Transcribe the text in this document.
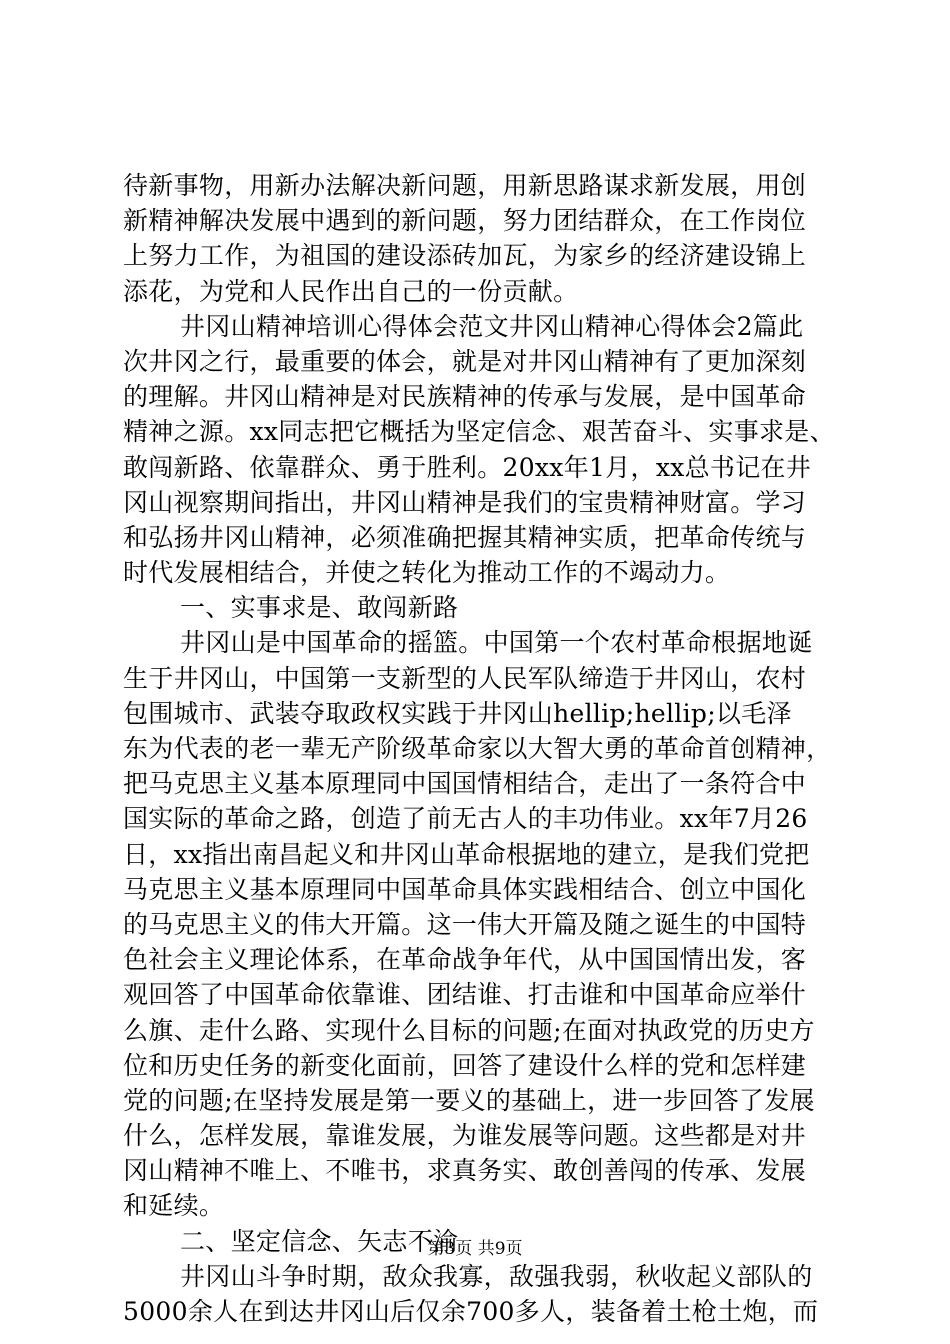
待新事物，用新办法解决新问题，用新思路谋求新发展，用创
新精神解决发展中遇到的新问题，努力团结群众，在工作岗位
上努力工作，为祖国的建设添砖加瓦，为家乡的经济建设锦上
添花，为党和人民作出自己的一份贡献。
井冈山精神培训心得体会范文井冈山精神心得体会2篇此
次井冈之行，最重要的体会，就是对井冈山精神有了更加深刻
的理解。井冈山精神是对民族精神的传承与发展，是中国革命
精神之源。xx同志把它概括为坚定信念、艰苦奋斗、实事求是、
敢闯新路、依靠群众、勇于胜利。20xx年1月，xx总书记在井
冈山视察期间指出，井冈山精神是我们的宝贵精神财富。学习
和弘扬井冈山精神，必须准确把握其精神实质，把革命传统与
时代发展相结合，并使之转化为推动工作的不竭动力。
一、实事求是、敢闯新路
井冈山是中国革命的摇篮。中国第一个农村革命根据地诞
生于井冈山，中国第一支新型的人民军队缔造于井冈山，农村
包围城市、武装夺取政权实践于井冈山hellip;hellip;以毛泽
东为代表的老一辈无产阶级革命家以大智大勇的革命首创精神，
把马克思主义基本原理同中国国情相结合，走出了一条符合中
国实际的革命之路，创造了前无古人的丰功伟业。xx年7月26
日，xx指出南昌起义和井冈山革命根据地的建立，是我们党把
马克思主义基本原理同中国革命具体实践相结合、创立中国化
的马克思主义的伟大开篇。这一伟大开篇及随之诞生的中国特
色社会主义理论体系，在革命战争年代，从中国国情出发，客
观回答了中国革命依靠谁、团结谁、打击谁和中国革命应举什
么旗、走什么路、实现什么目标的问题;在面对执政党的历史方
位和历史任务的新变化面前，回答了建设什么样的党和怎样建
党的问题;在坚持发展是第一要义的基础上，进一步回答了发展
什么，怎样发展，靠谁发展，为谁发展等问题。这些都是对井
冈山精神不唯上、不唯书，求真务实、敢创善闯的传承、发展
和延续。
二、坚定信念、矢志不渝
井冈山斗争时期，敌众我寡，敌强我弱，秋收起义部队的
5000余人在到达井冈山后仅余700多人，装备着土枪土炮，而
第3页 共9页
